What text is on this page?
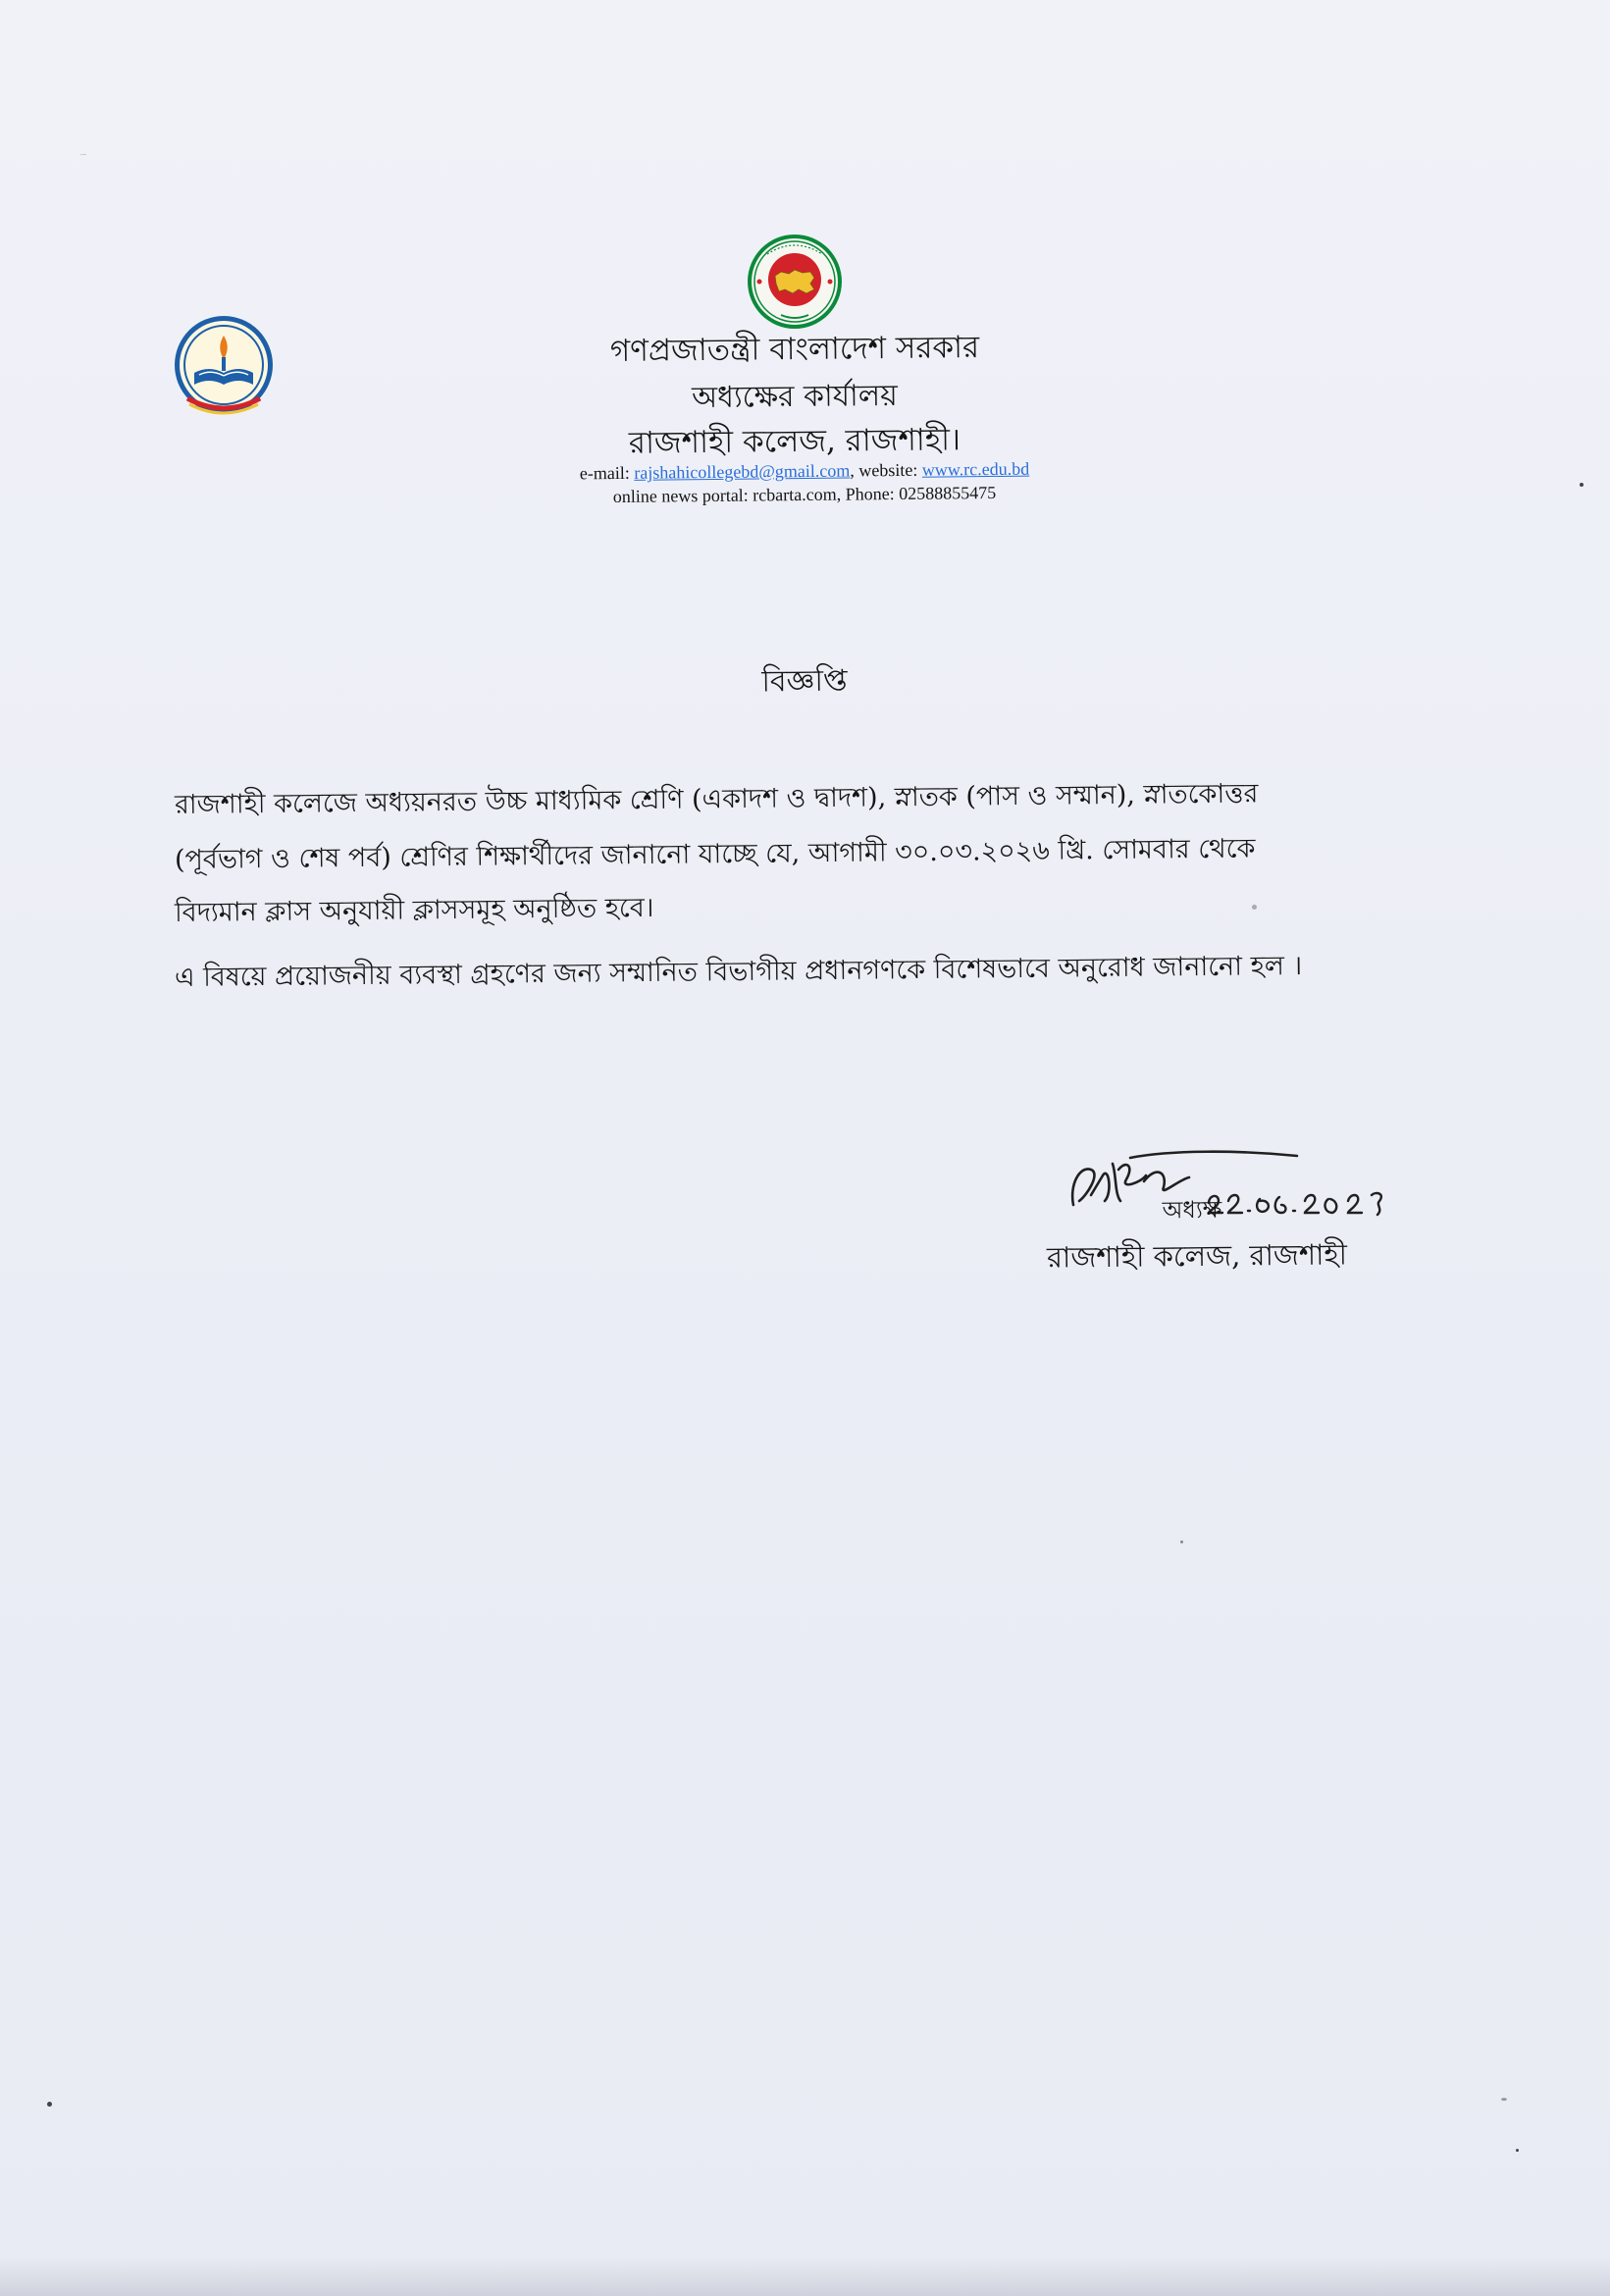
গণপ্রজাতন্ত্রী বাংলাদেশ সরকার
অধ্যক্ষের কার্যালয়
রাজশাহী কলেজ, রাজশাহী।
e-mail: rajshahicollegebd@gmail.com, website: www.rc.edu.bd
online news portal: rcbarta.com, Phone: 02588855475
বিজ্ঞপ্তি
রাজশাহী কলেজে অধ্যয়নরত উচ্চ মাধ্যমিক শ্রেণি (একাদশ ও দ্বাদশ), স্নাতক (পাস ও সম্মান), স্নাতকোত্তর
(পূর্বভাগ ও শেষ পর্ব) শ্রেণির শিক্ষার্থীদের জানানো যাচ্ছে যে, আগামী ৩০.০৩.২০২৬ খ্রি. সোমবার থেকে
বিদ্যমান ক্লাস অনুযায়ী ক্লাসসমূহ অনুষ্ঠিত হবে।
এ বিষয়ে প্রয়োজনীয় ব্যবস্থা গ্রহণের জন্য সম্মানিত বিভাগীয় প্রধানগণকে বিশেষভাবে অনুরোধ জানানো হল ।
27.06.2025
অধ্যক্ষ
রাজশাহী কলেজ, রাজশাহী
